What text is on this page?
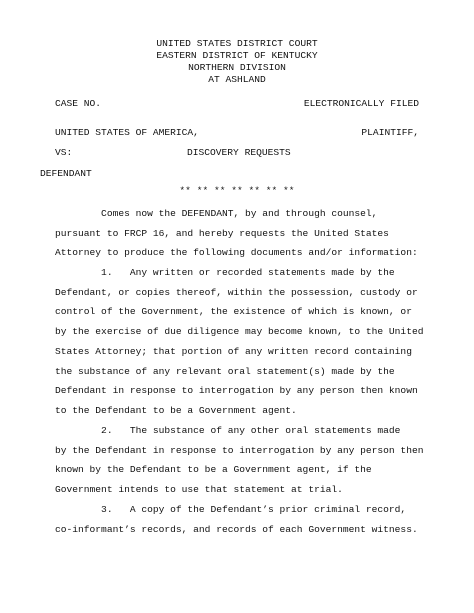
UNITED STATES DISTRICT COURT
EASTERN DISTRICT OF KENTUCKY
NORTHERN DIVISION
AT ASHLAND
CASE NO.	ELECTRONICALLY FILED
UNITED STATES OF AMERICA,	PLAINTIFF,
VS:	DISCOVERY REQUESTS
DEFENDANT
** ** ** ** ** ** **
Comes now the DEFENDANT, by and through counsel,
pursuant to FRCP 16, and hereby requests the United States
Attorney to produce the following documents and/or information:
1.   Any written or recorded statements made by the
Defendant, or copies thereof, within the possession, custody or
control of the Government, the existence of which is known, or
by the exercise of due diligence may become known, to the United
States Attorney; that portion of any written record containing
the substance of any relevant oral statement(s) made by the
Defendant in response to interrogation by any person then known
to the Defendant to be a Government agent.
2.   The substance of any other oral statements made
by the Defendant in response to interrogation by any person then
known by the Defendant to be a Government agent, if the
Government intends to use that statement at trial.
3.   A copy of the Defendant’s prior criminal record,
co-informant’s records, and records of each Government witness.
